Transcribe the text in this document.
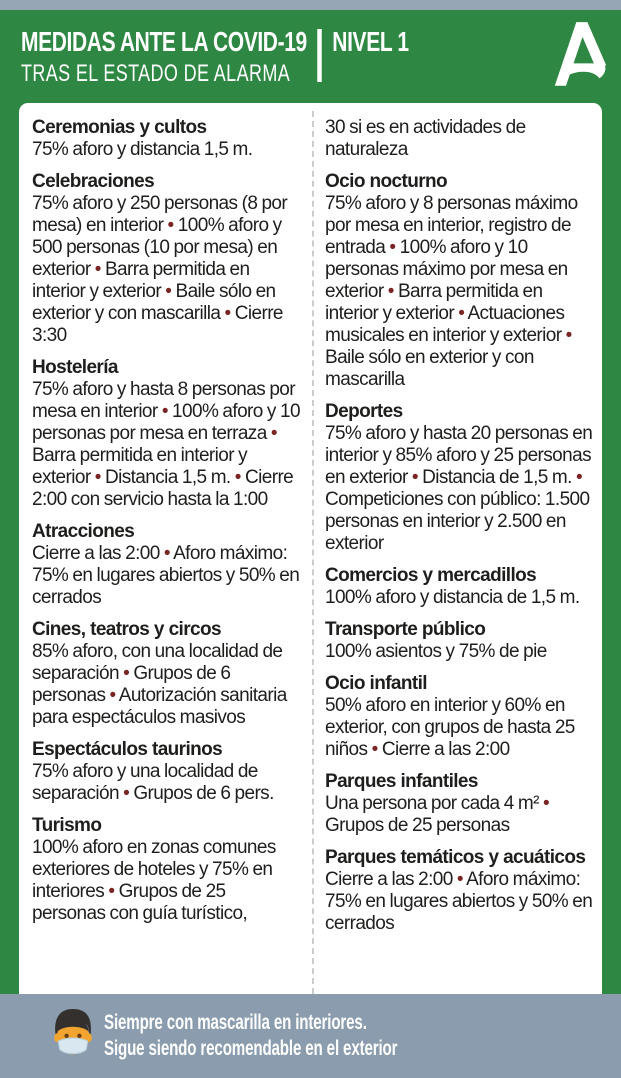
MEDIDAS ANTE LA COVID-19 NIVEL 1
TRAS EL ESTADO DE ALARMA
Ceremonias y cultos

75% aforo y distancia 1,5 m.

Celebraciones

75% aforo y 250 personas (8 por mesa) en interior • 100% aforo y 500 personas (10 por mesa) en exterior • Barra permitida en interior y exterior • Baile sólo en exterior y con mascarilla • Cierre 3:30

Hostelería

75% aforo y hasta 8 personas por mesa en interior • 100% aforo y 10 personas por mesa en terraza • Barra permitida en interior y exterior • Distancia 1,5 m. • Cierre 2:00 con servicio hasta la 1:00

Atracciones

Cierre a las 2:00 • Aforo máximo: 75% en lugares abiertos y 50% en cerrados

Cines, teatros y circos

85% aforo, con una localidad de separación • Grupos de 6 personas • Autorización sanitaria para espectáculos masivos

Espectáculos taurinos

75% aforo y una localidad de separación • Grupos de 6 pers.

Turismo

100% aforo en zonas comunes exteriores de hoteles y 75% en interiores • Grupos de 25 personas con guía turístico,

30 si es en actividades de naturaleza

Ocio nocturno

75% aforo y 8 personas máximo por mesa en interior, registro de entrada • 100% aforo y 10 personas máximo por mesa en exterior • Barra permitida en interior y exterior • Actuaciones musicales en interior y exterior • Baile sólo en exterior y con mascarilla

Deportes

75% aforo y hasta 20 personas en interior y 85% aforo y 25 personas en exterior • Distancia de 1,5 m. • Competiciones con público: 1.500 personas en interior y 2.500 en exterior

Comercios y mercadillos

100% aforo y distancia de 1,5 m.

Transporte público

100% asientos y 75% de pie

Ocio infantil

50% aforo en interior y 60% en exterior, con grupos de hasta 25 niños • Cierre a las 2:00

Parques infantiles

Una persona por cada 4 m² • Grupos de 25 personas

Parques temáticos y acuáticos

Cierre a las 2:00 • Aforo máximo: 75% en lugares abiertos y 50% en cerrados

Siempre con mascarilla en interiores.
Sigue siendo recomendable en el exterior
